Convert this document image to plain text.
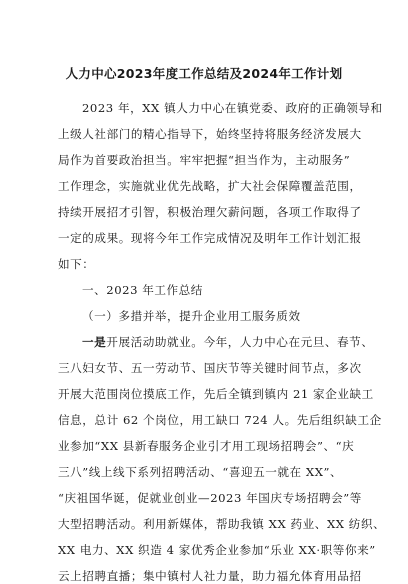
人力中心2023年度工作总结及2024年工作计划
2023 年，XX 镇人力中心在镇党委、政府的正确领导和
上级人社部门的精心指导下，始终坚持将服务经济发展大
局作为首要政治担当。牢牢把握“担当作为，主动服务”
工作理念，实施就业优先战略，扩大社会保障覆盖范围，
持续开展招才引智，积极治理欠薪问题，各项工作取得了
一定的成果。现将今年工作完成情况及明年工作计划汇报
如下：
一、2023 年工作总结
（一）多措并举，提升企业用工服务质效
一是开展活动助就业。今年，人力中心在元旦、春节、
三八妇女节、五一劳动节、国庆节等关键时间节点，多次
开展大范围岗位摸底工作，先后全镇到镇内 21 家企业缺工
信息，总计 62 个岗位，用工缺口 724 人。先后组织缺工企
业参加“XX 县新春服务企业引才用工现场招聘会”、“庆
三八”线上线下系列招聘活动、“喜迎五一就在 XX”、
“庆祖国华诞，促就业创业—2023 年国庆专场招聘会”等
大型招聘活动。利用新媒体，帮助我镇 XX 药业、XX 纺织、
XX 电力、XX 织造 4 家优秀企业参加“乐业 XX·职等你来”
云上招聘直播；集中镇村人社力量，助力福允体育用品招
